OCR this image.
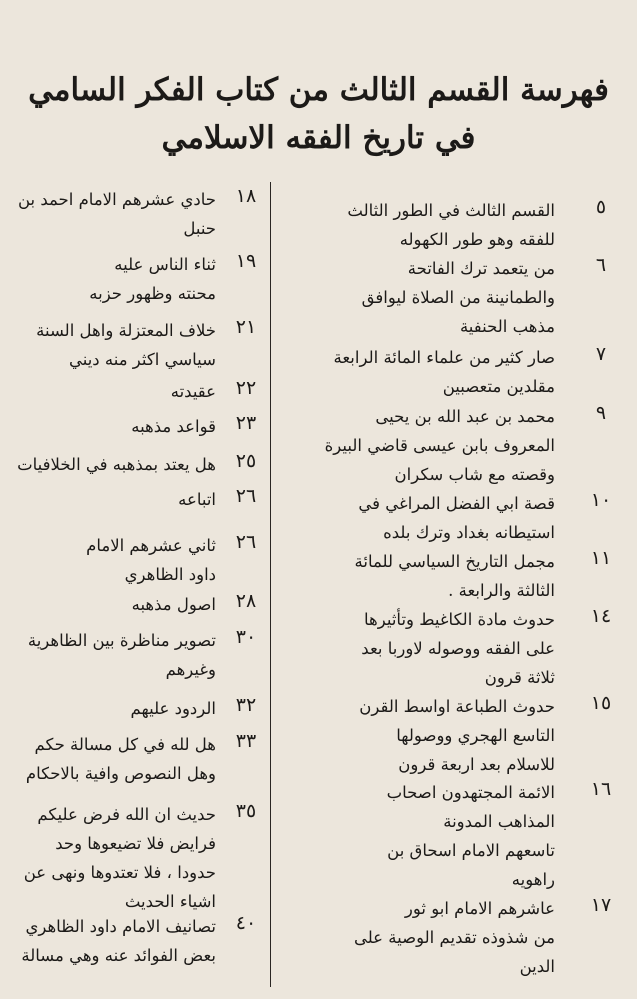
فهرسة القسم الثالث من كتاب الفكر السامي
في تاريخ الفقه الاسلامي
٥
القسم الثالث في الطور الثالث
للفقه وهو طور الكهوله
٦
من يتعمد ترك الفاتحة
والطمانينة من الصلاة ليوافق
مذهب الحنفية
٧
صار كثير من علماء المائة الرابعة
مقلدين متعصبين
٩
محمد بن عبد الله بن يحيى
المعروف بابن عيسى قاضي البيرة
وقصته مع شاب سكران
١٠
قصة ابي الفضل المراغي في
استيطانه بغداد وترك بلده
١١
مجمل التاريخ السياسي للمائة
الثالثة والرابعة .
١٤
حدوث مادة الكاغيط وتأثيرها
على الفقه ووصوله لاوربا بعد
ثلاثة قرون
١٥
حدوث الطباعة اواسط القرن
التاسع الهجري ووصولها
للاسلام بعد اربعة قرون
١٦
الائمة المجتهدون اصحاب
المذاهب المدونة
تاسعهم الامام اسحاق بن
راهويه
١٧
عاشرهم الامام ابو ثور
من شذوذه تقديم الوصية على
الدين
١٨
حادي عشرهم الامام احمد بن
حنبل
١٩
ثناء الناس عليه
محنته وظهور حزبه
٢١
خلاف المعتزلة واهل السنة
سياسي اكثر منه ديني
٢٢
عقيدته
٢٣
قواعد مذهبه
٢٥
هل يعتد بمذهبه في الخلافيات
٢٦
اتباعه
٢٦
ثاني عشرهم الامام
داود الظاهري
٢٨
اصول مذهبه
٣٠
تصوير مناظرة بين الظاهرية
وغيرهم
٣٢
الردود عليهم
٣٣
هل لله في كل مسالة حكم
وهل النصوص وافية بالاحكام
٣٥
حديث ان الله فرض عليكم
فرايض فلا تضيعوها وحد
حدودا ، فلا تعتدوها ونهى عن
اشياء الحديث
٤٠
تصانيف الامام داود الظاهري
بعض الفوائد عنه وهي مسالة
